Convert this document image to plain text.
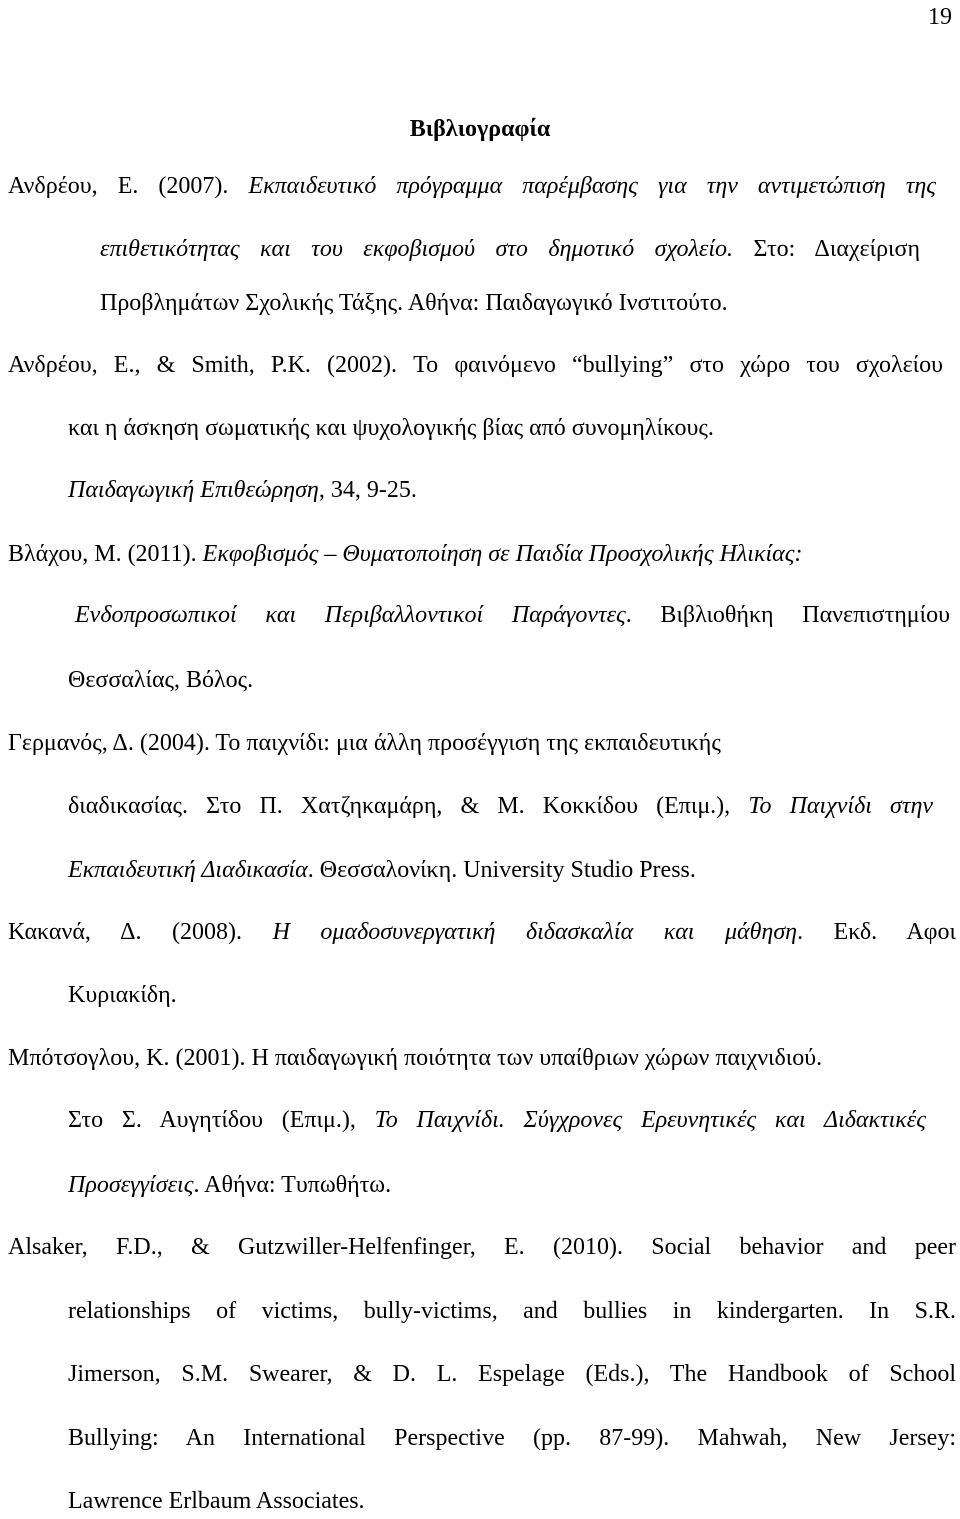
19
Βιβλιογραφία
Ανδρέου, Ε. (2007). Εκπαιδευτικό πρόγραμμα παρέμβασης για την αντιμετώπιση της
επιθετικότητας και του εκφοβισμού στο δημοτικό σχολείο. Στο: Διαχείριση
Προβλημάτων Σχολικής Τάξης. Αθήνα: Παιδαγωγικό Ινστιτούτο.
Ανδρέου, Ε., & Smith, P.K. (2002). Το φαινόμενο “bullying” στο χώρο του σχολείου
και η άσκηση σωματικής και ψυχολογικής βίας από συνομηλίκους.
Παιδαγωγική Επιθεώρηση, 34, 9-25.
Βλάχου, Μ. (2011). Εκφοβισμός – Θυματοποίηση σε Παιδία Προσχολικής Ηλικίας:
Ενδοπροσωπικοί και Περιβαλλοντικοί Παράγοντες. Βιβλιοθήκη Πανεπιστημίου
Θεσσαλίας, Βόλος.
Γερμανός, Δ. (2004). Το παιχνίδι: μια άλλη προσέγγιση της εκπαιδευτικής
διαδικασίας. Στο Π. Χατζηκαμάρη, & Μ. Κοκκίδου (Επιμ.), Το Παιχνίδι στην
Εκπαιδευτική Διαδικασία. Θεσσαλονίκη. University Studio Press.
Κακανά, Δ. (2008). Η ομαδοσυνεργατική διδασκαλία και μάθηση. Εκδ. Αφοι
Κυριακίδη.
Μπότσογλου, Κ. (2001). Η παιδαγωγική ποιότητα των υπαίθριων χώρων παιχνιδιού.
Στο Σ. Αυγητίδου (Επιμ.), Το Παιχνίδι. Σύγχρονες Ερευνητικές και Διδακτικές
Προσεγγίσεις. Αθήνα: Τυπωθήτω.
Alsaker, F.D., & Gutzwiller-Helfenfinger, E. (2010). Social behavior and peer
relationships of victims, bully-victims, and bullies in kindergarten. In S.R.
Jimerson, S.M. Swearer, & D. L. Espelage (Eds.), The Handbook of School
Bullying: An International Perspective (pp. 87-99). Mahwah, New Jersey:
Lawrence Erlbaum Associates.
